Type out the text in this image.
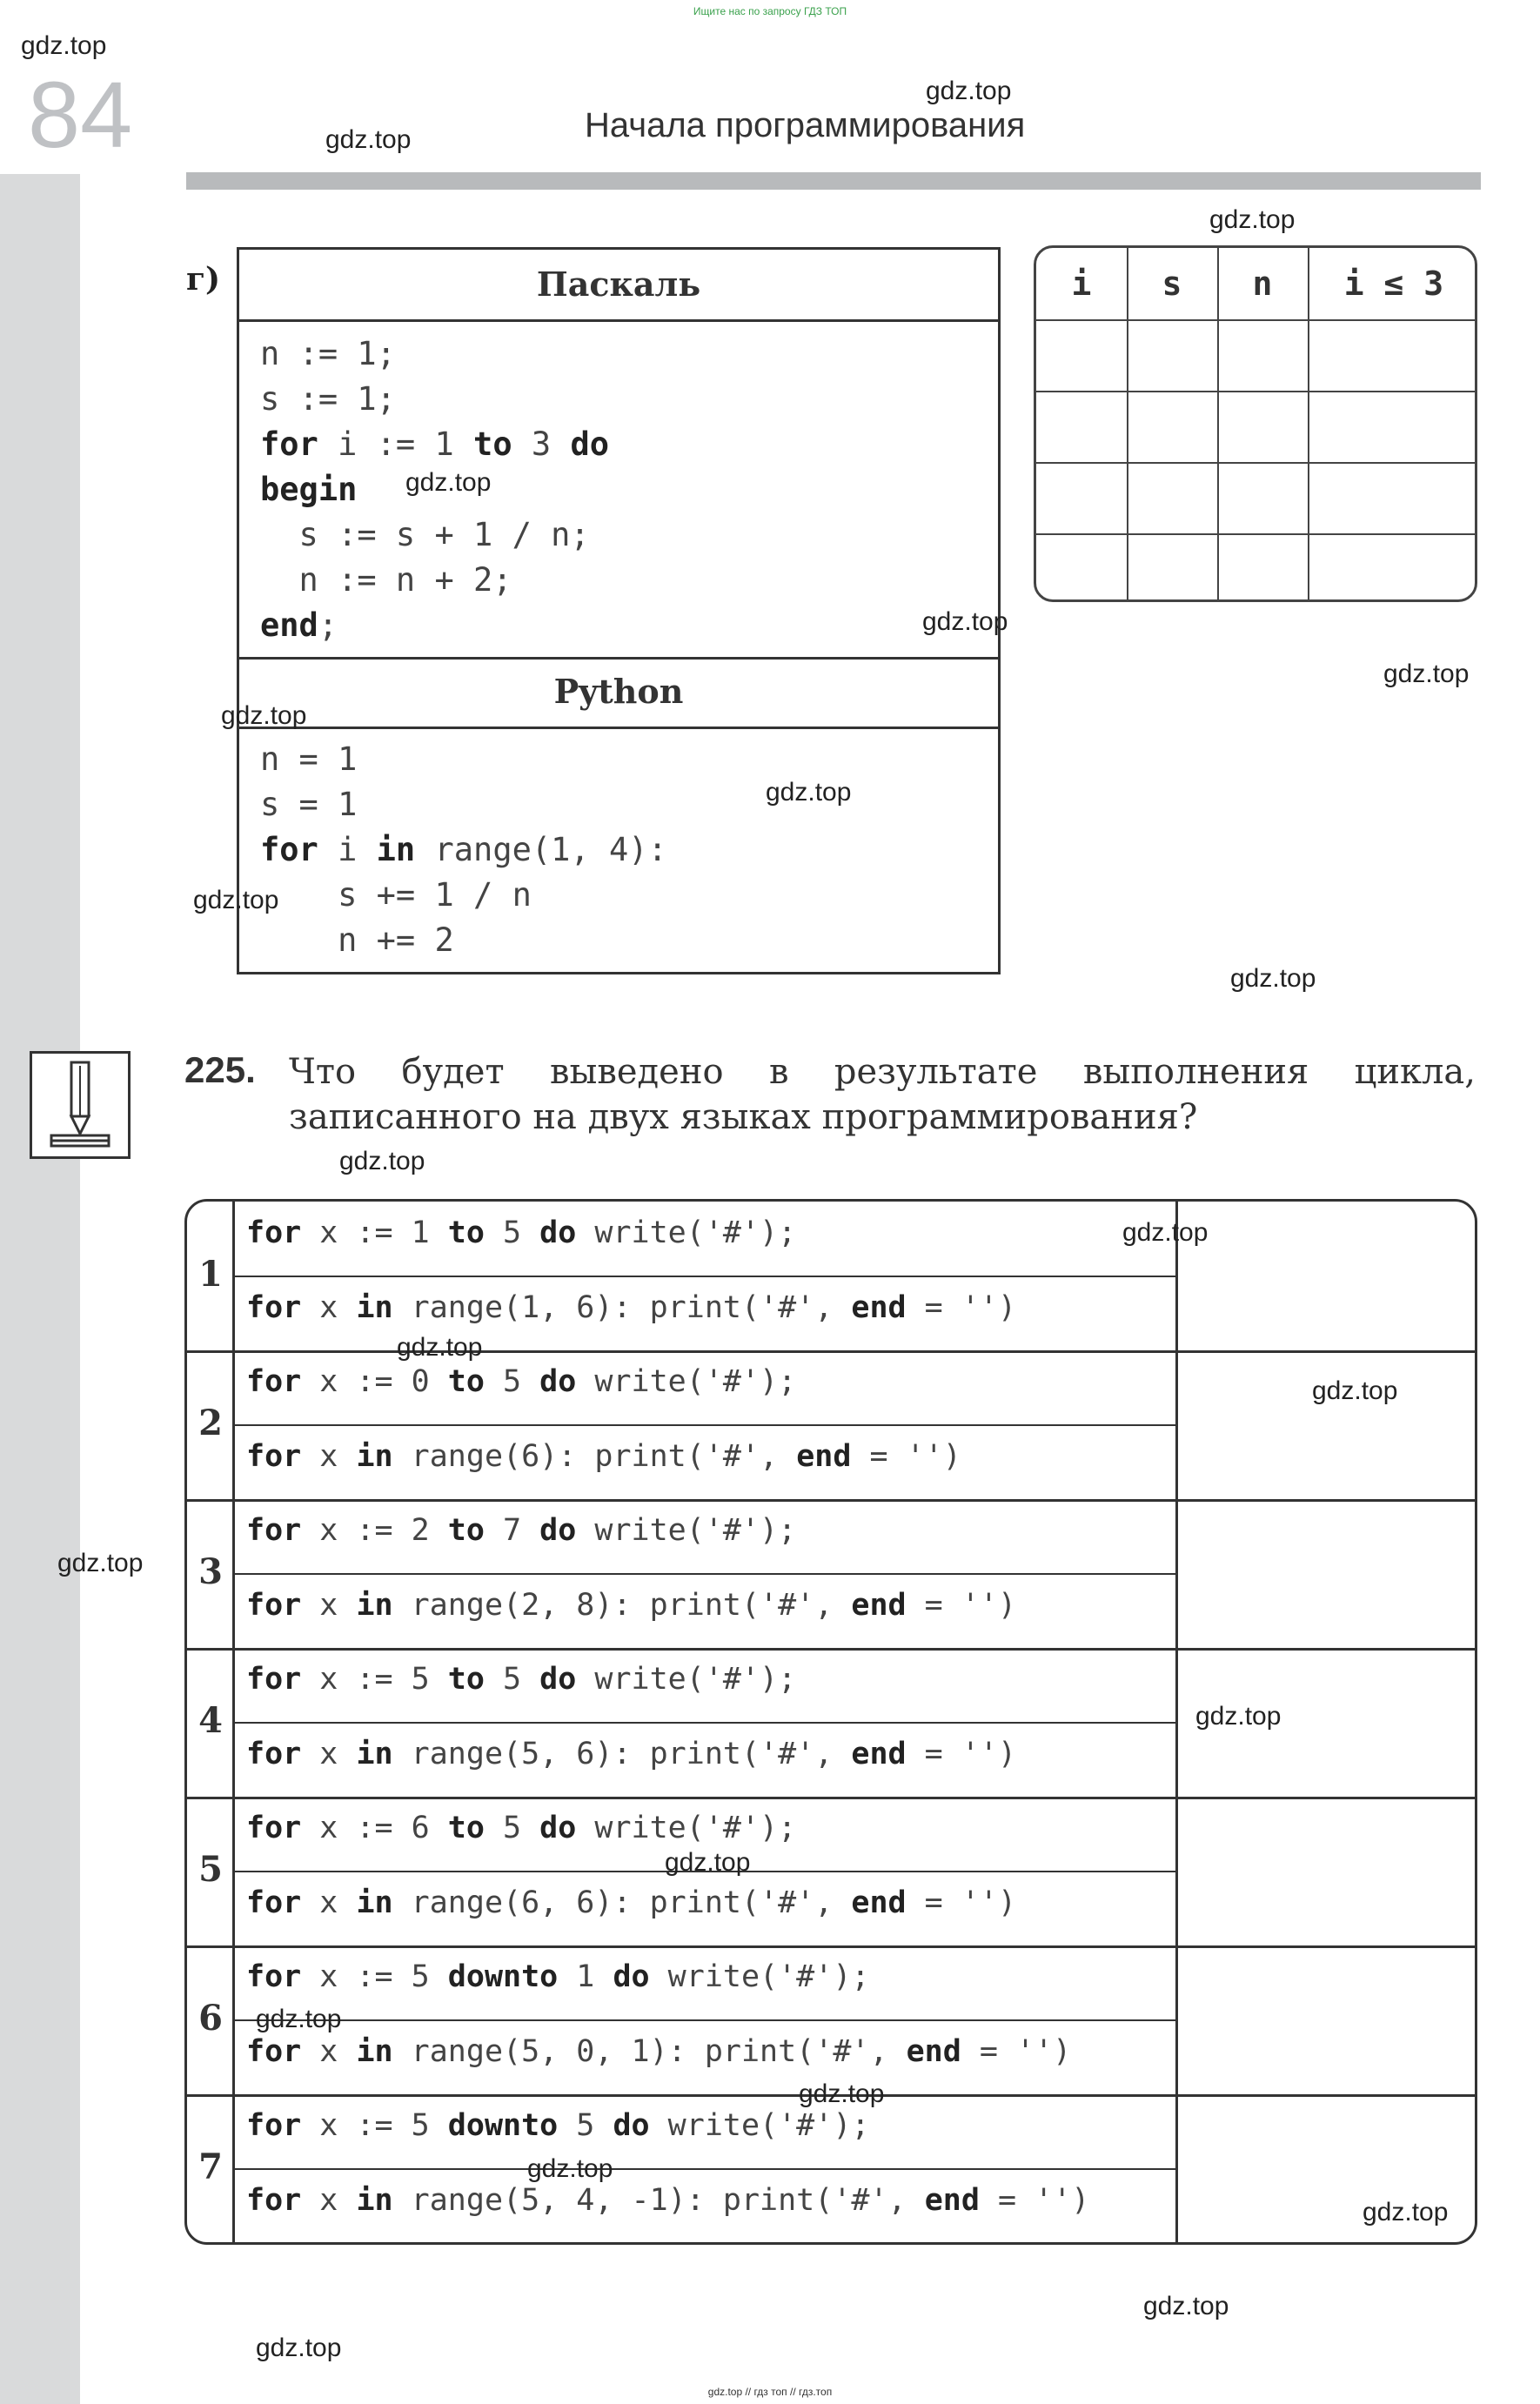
Ищите нас по запросу ГДЗ ТОП
84	Начала программирования
г)	Паскаль
n := 1;
s := 1;
for i := 1 to 3 do
begin
s := s + 1 / n;
n := n + 2;
end;
Python
n = 1
s = 1
for i in range(1, 4):
s += 1 / n
n += 2
i	s	n	i ≤ 3
225. Что будет выведено в результате выполнения цикла,
записанного на двух языках программирования?
1
for x := 1 to 5 do write('#');
for x in range(1, 6): print('#', end = '')
2
for x := 0 to 5 do write('#');
for x in range(6): print('#', end = '')
3
for x := 2 to 7 do write('#');
for x in range(2, 8): print('#', end = '')
4
for x := 5 to 5 do write('#');
for x in range(5, 6): print('#', end = '')
5
for x := 6 to 5 do write('#');
for x in range(6, 6): print('#', end = '')
6
for x := 5 downto 1 do write('#');
for x in range(5, 0, 1): print('#', end = '')
7
for x := 5 downto 5 do write('#');
for x in range(5, 4, -1): print('#', end = '')
gdz.top
gdz.top
gdz.top
gdz.top
gdz.top
gdz.top
gdz.top
gdz.top
gdz.top
gdz.top
gdz.top
gdz.top
gdz.top
gdz.top
gdz.top
gdz.top
gdz.top
gdz.top
gdz.top
gdz.top
gdz.top
gdz.top
gdz.top
gdz.top
gdz.top // гдз топ // гдз.топ
